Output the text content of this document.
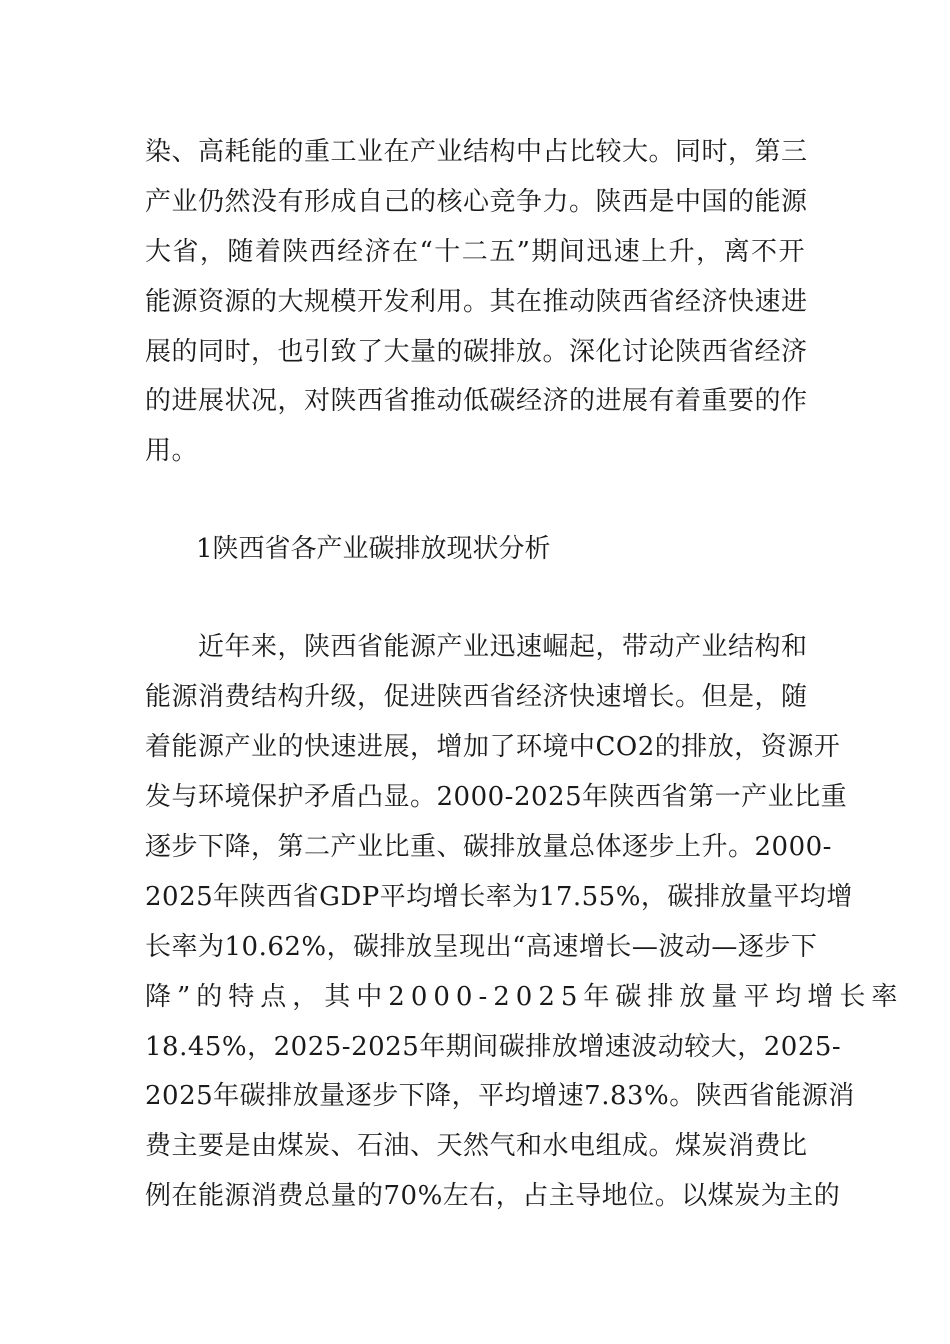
染、高耗能的重工业在产业结构中占比较大。同时，第三
产业仍然没有形成自己的核心竞争力。陕西是中国的能源
大省，随着陕西经济在“十二五”期间迅速上升，离不开
能源资源的大规模开发利用。其在推动陕西省经济快速进
展的同时，也引致了大量的碳排放。深化讨论陕西省经济
的进展状况，对陕西省推动低碳经济的进展有着重要的作
用。
1陕西省各产业碳排放现状分析
　　近年来，陕西省能源产业迅速崛起，带动产业结构和
能源消费结构升级，促进陕西省经济快速增长。但是，随
着能源产业的快速进展，增加了环境中CO2的排放，资源开
发与环境保护矛盾凸显。2000-2025年陕西省第一产业比重
逐步下降，第二产业比重、碳排放量总体逐步上升。2000-
2025年陕西省GDP平均增长率为17.55%，碳排放量平均增
长率为10.62%，碳排放呈现出“高速增长—波动—逐步下
降”的特点，其中2000-2025年碳排放量平均增长率
18.45%，2025-2025年期间碳排放增速波动较大，2025-
2025年碳排放量逐步下降，平均增速7.83%。陕西省能源消
费主要是由煤炭、石油、天然气和水电组成。煤炭消费比
例在能源消费总量的70%左右，占主导地位。以煤炭为主的
